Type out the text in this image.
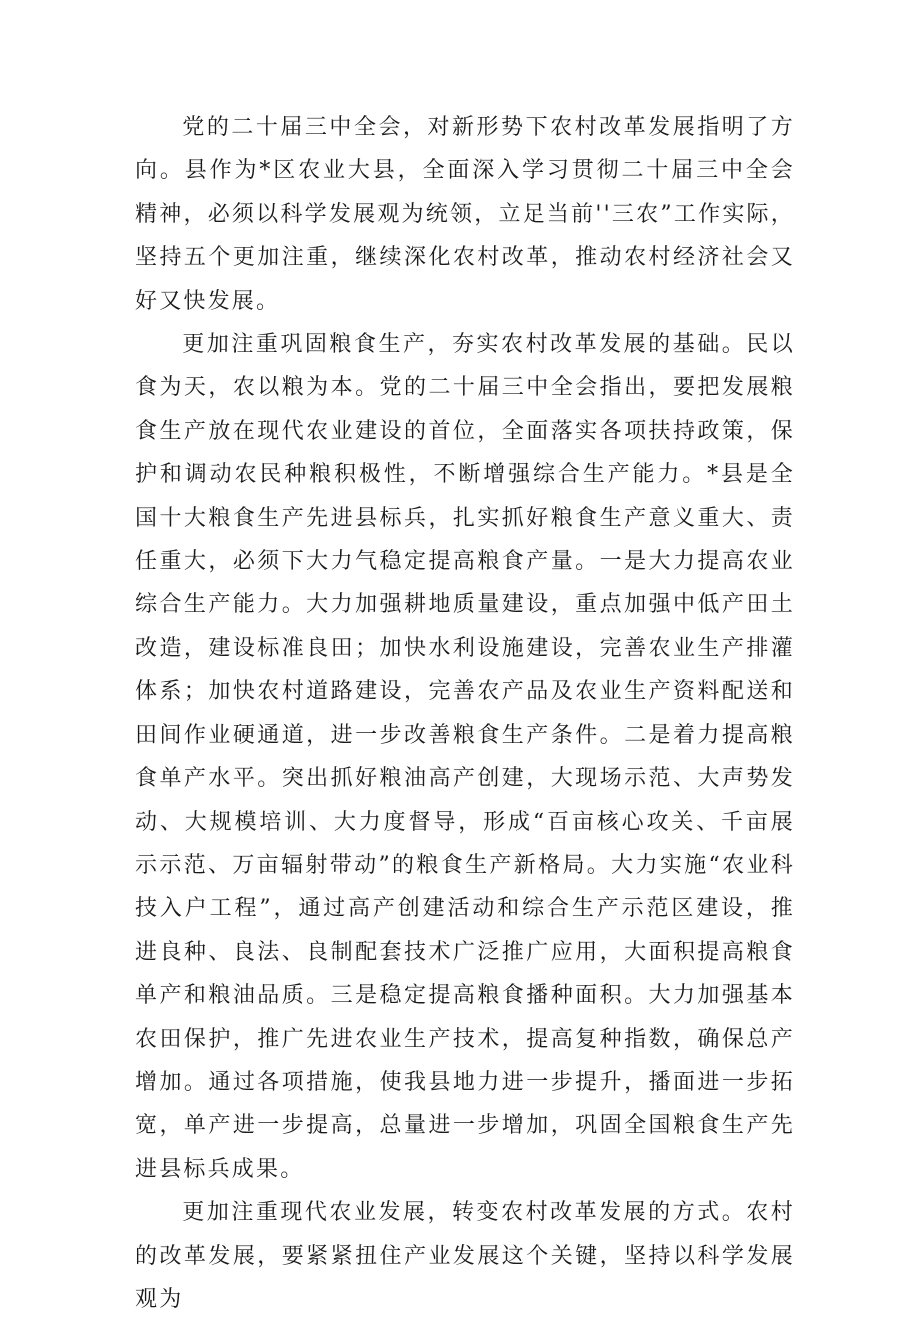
党的二十届三中全会，对新形势下农村改革发展指明了方向。县作为*区农业大县，全面深入学习贯彻二十届三中全会精神，必须以科学发展观为统领，立足当前''三农”工作实际，坚持五个更加注重，继续深化农村改革，推动农村经济社会又好又快发展。

更加注重巩固粮食生产，夯实农村改革发展的基础。民以食为天，农以粮为本。党的二十届三中全会指出，要把发展粮食生产放在现代农业建设的首位，全面落实各项扶持政策，保护和调动农民种粮积极性，不断增强综合生产能力。*县是全国十大粮食生产先进县标兵，扎实抓好粮食生产意义重大、责任重大，必须下大力气稳定提高粮食产量。一是大力提高农业综合生产能力。大力加强耕地质量建设，重点加强中低产田土改造，建设标准良田；加快水利设施建设，完善农业生产排灌体系；加快农村道路建设，完善农产品及农业生产资料配送和田间作业硬通道，进一步改善粮食生产条件。二是着力提高粮食单产水平。突出抓好粮油高产创建，大现场示范、大声势发动、大规模培训、大力度督导，形成“百亩核心攻关、千亩展示示范、万亩辐射带动”的粮食生产新格局。大力实施“农业科技入户工程”，通过高产创建活动和综合生产示范区建设，推进良种、良法、良制配套技术广泛推广应用，大面积提高粮食单产和粮油品质。三是稳定提高粮食播种面积。大力加强基本农田保护，推广先进农业生产技术，提高复种指数，确保总产增加。通过各项措施，使我县地力进一步提升，播面进一步拓宽，单产进一步提高，总量进一步增加，巩固全国粮食生产先进县标兵成果。

更加注重现代农业发展，转变农村改革发展的方式。农村的改革发展，要紧紧扭住产业发展这个关键，坚持以科学发展观为
